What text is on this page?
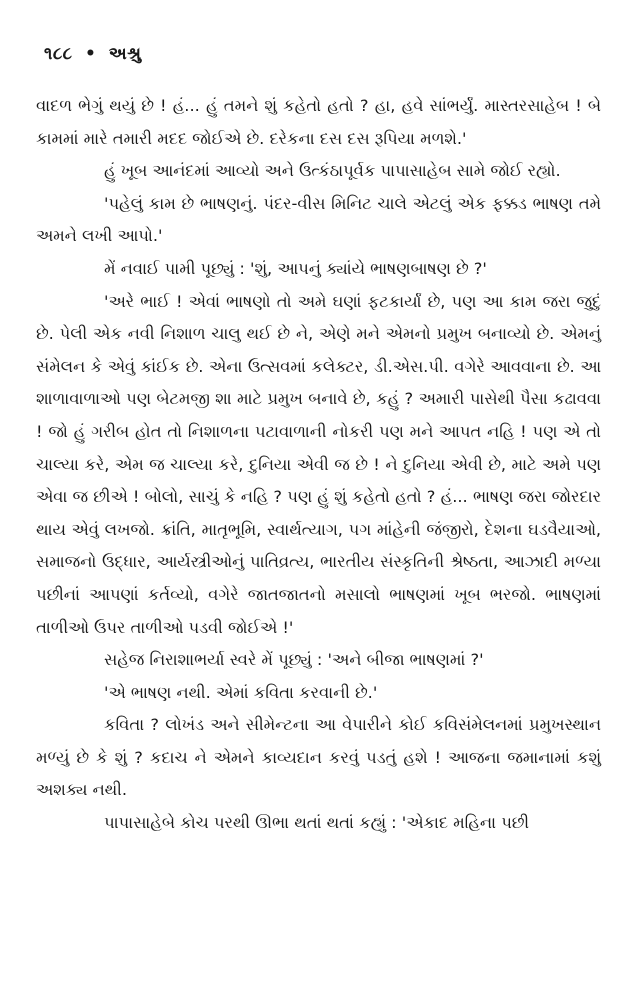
૧૮૮ • અશ્રુ

વાદળ ભેગું થયું છે ! હં... હું તમને શું કહેતો હતો ? હા, હવે સાંભર્યું. માસ્તરસાહેબ ! બે કામમાં મારે તમારી મદદ જોઈએ છે. દરેકના દસ દસ રૂપિયા મળશે.'

હું ખૂબ આનંદમાં આવ્યો અને ઉત્કંઠાપૂર્વક પાપાસાહેબ સામે જોઈ રહ્યો.

'પહેલું કામ છે ભાષણનું. પંદર-વીસ મિનિટ ચાલે એટલું એક ફક્કડ ભાષણ તમે અમને લખી આપો.'

મેં નવાઈ પામી પૂછ્યું : 'શું, આપનું ક્યાંયે ભાષણબાષણ છે ?'

'અરે ભાઈ ! એવાં ભાષણો તો અમે ઘણાં ફટકાર્યાં છે, પણ આ કામ જરા જુદું છે. પેલી એક નવી નિશાળ ચાલુ થઈ છે ને, એણે મને એમનો પ્રમુખ બનાવ્યો છે. એમનું સંમેલન કે એવું કાંઈક છે. એના ઉત્સવમાં કલેક્ટર, ડી.એસ.પી. વગેરે આવવાના છે. આ શાળાવાળાઓ પણ બેટમજી શા માટે પ્રમુખ બનાવે છે, કહું ? અમારી પાસેથી પૈસા કઢાવવા ! જો હું ગરીબ હોત તો નિશાળના પટાવાળાની નોકરી પણ મને આપત નહિ ! પણ એ તો ચાલ્યા કરે, એમ જ ચાલ્યા કરે, દુનિયા એવી જ છે ! ને દુનિયા એવી છે, માટે અમે પણ એવા જ છીએ ! બોલો, સાચું કે નહિ ? પણ હું શું કહેતો હતો ? હં... ભાષણ જરા જોરદાર થાય એવું લખજો. ક્રાંતિ, માતૃભૂમિ, સ્વાર્થત્યાગ, પગ માંહેની જંજીરો, દેશના ઘડવૈયાઓ, સમાજનો ઉદ્ધાર, આર્યસ્ત્રીઓનું પાતિવ્રત્ય, ભારતીય સંસ્કૃતિની શ્રેષ્ઠતા, આઝાદી મળ્યા પછીનાં આપણાં કર્તવ્યો, વગેરે જાતજાતનો મસાલો ભાષણમાં ખૂબ ભરજો. ભાષણમાં તાળીઓ ઉપર તાળીઓ પડવી જોઈએ !'

સહેજ નિરાશાભર્યા સ્વરે મેં પૂછ્યું : 'અને બીજા ભાષણમાં ?'

'એ ભાષણ નથી. એમાં કવિતા કરવાની છે.'

કવિતા ? લોખંડ અને સીમેન્ટના આ વેપારીને કોઈ કવિસંમેલનમાં પ્રમુખસ્થાન મળ્યું છે કે શું ? કદાચ ને એમને કાવ્યદાન કરવું પડતું હશે ! આજના જમાનામાં કશું અશક્ય નથી.

પાપાસાહેબે કોચ પરથી ઊભા થતાં થતાં કહ્યું : 'એકાદ મહિના પછી
